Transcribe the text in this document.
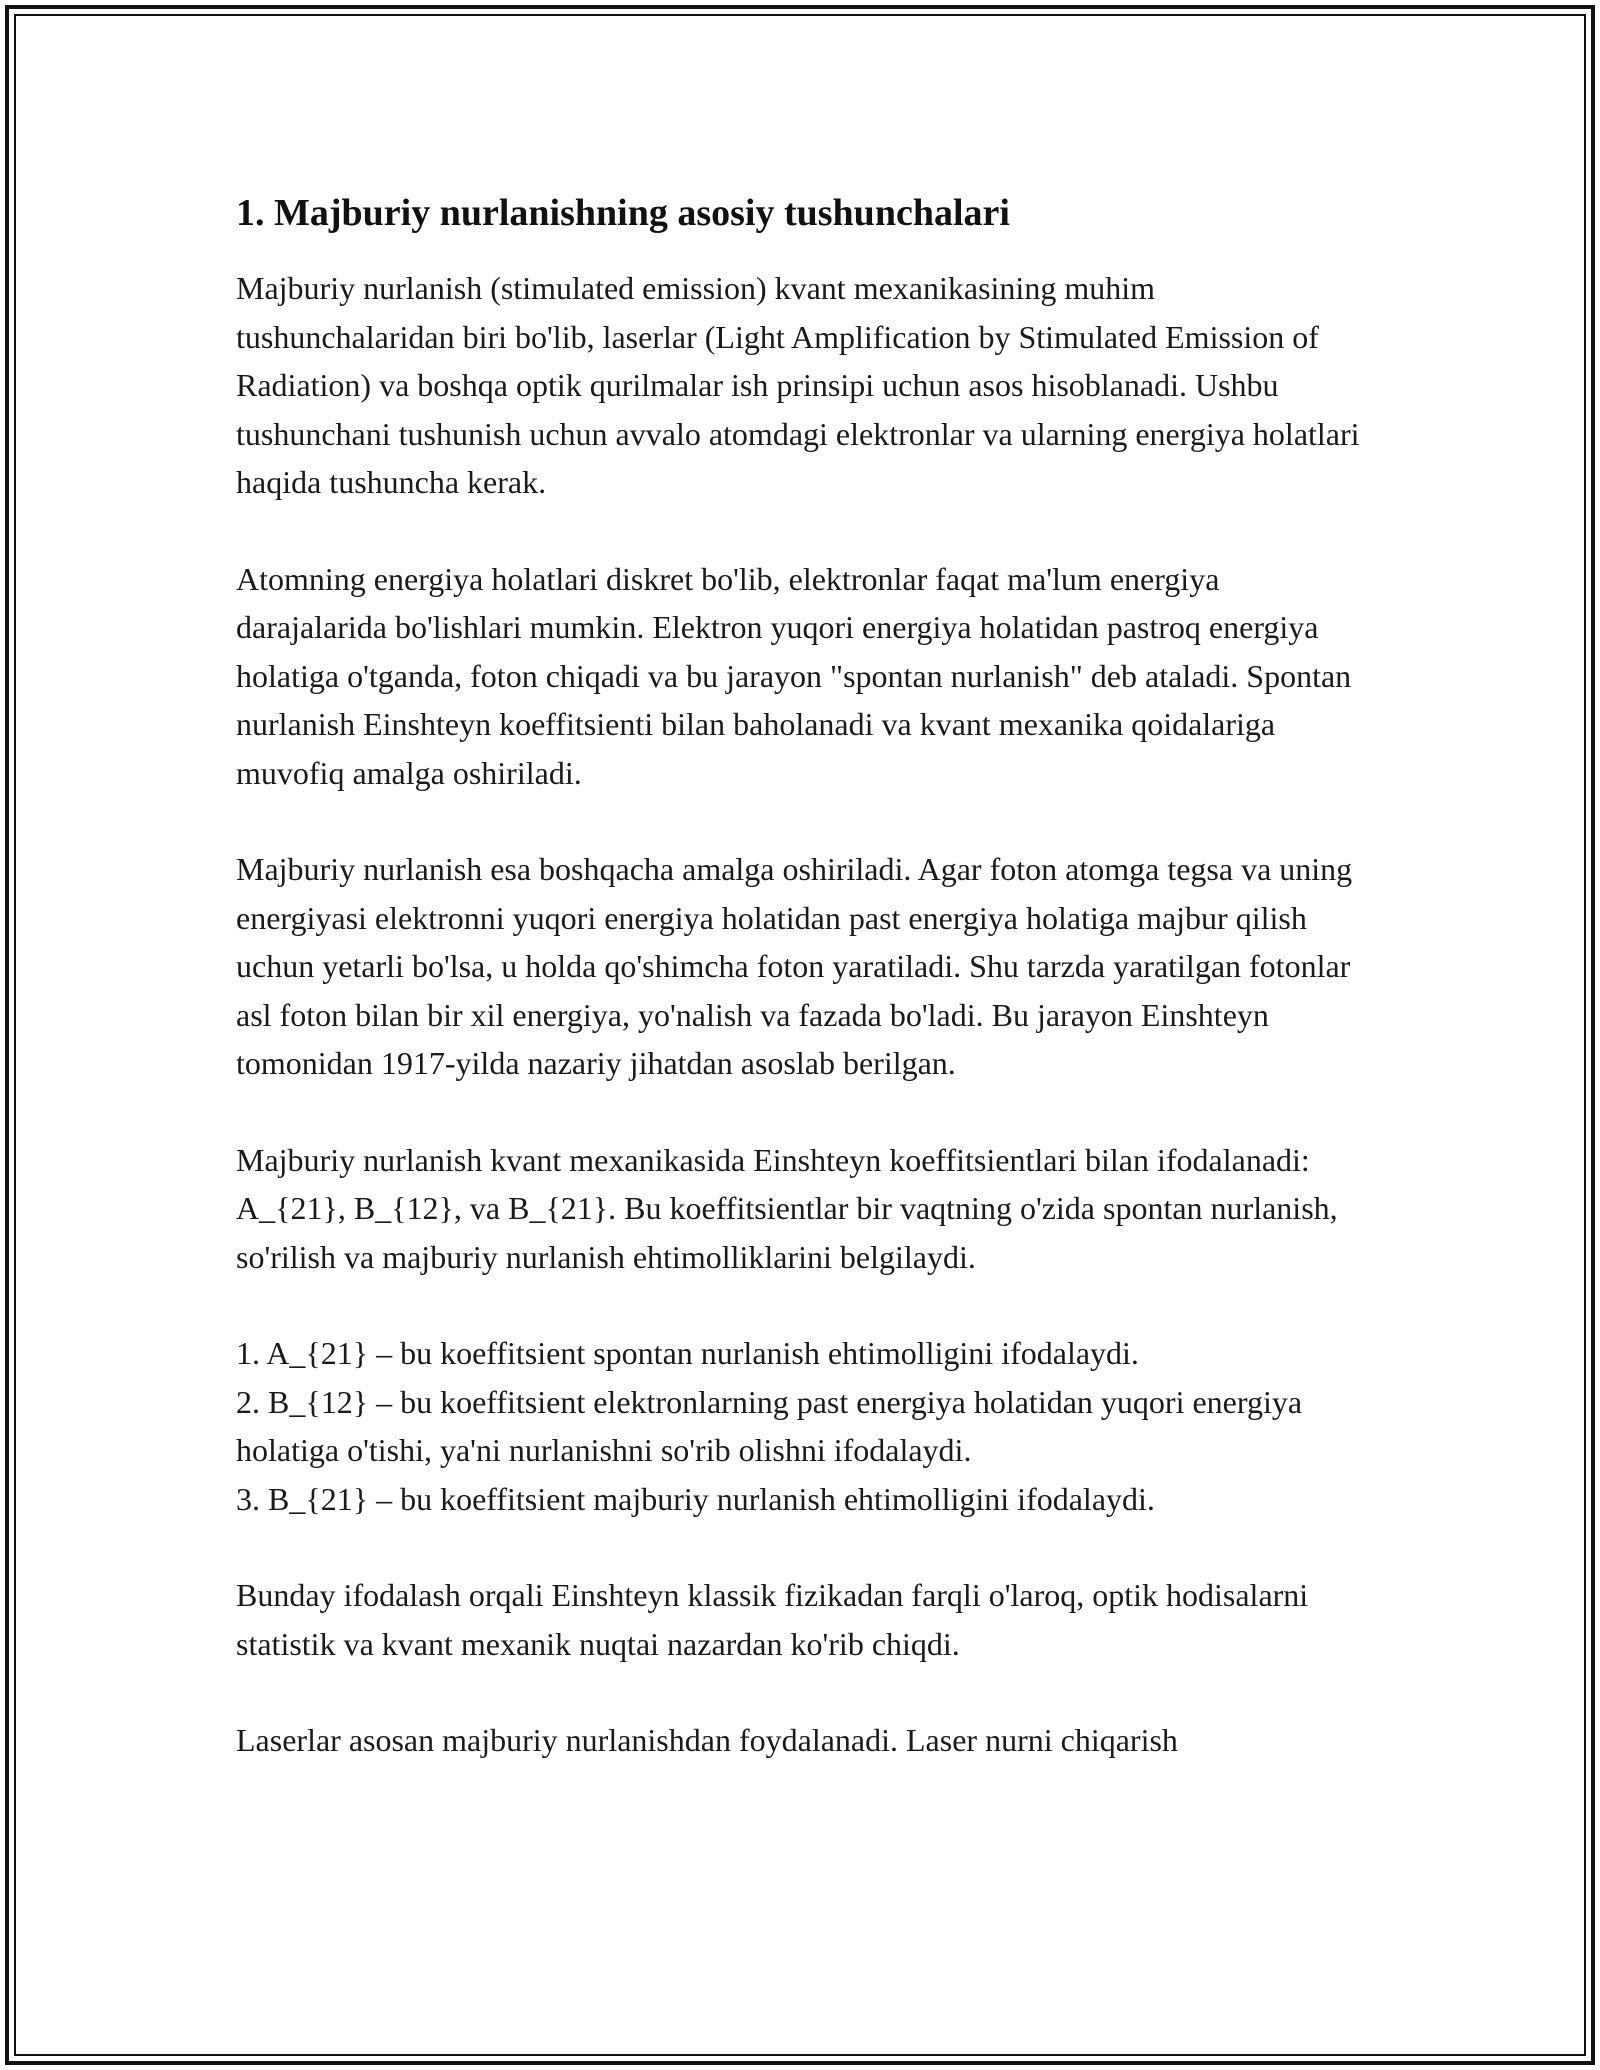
1. Majburiy nurlanishning asosiy tushunchalari

Majburiy nurlanish (stimulated emission) kvant mexanikasining muhim tushunchalaridan biri bo'lib, laserlar (Light Amplification by Stimulated Emission of Radiation) va boshqa optik qurilmalar ish prinsipi uchun asos hisoblanadi. Ushbu tushunchani tushunish uchun avvalo atomdagi elektronlar va ularning energiya holatlari haqida tushuncha kerak.

Atomning energiya holatlari diskret bo'lib, elektronlar faqat ma'lum energiya darajalarida bo'lishlari mumkin. Elektron yuqori energiya holatidan pastroq energiya holatiga o'tganda, foton chiqadi va bu jarayon "spontan nurlanish" deb ataladi. Spontan nurlanish Einshteyn koeffitsienti bilan baholanadi va kvant mexanika qoidalariga muvofiq amalga oshiriladi.

Majburiy nurlanish esa boshqacha amalga oshiriladi. Agar foton atomga tegsa va uning energiyasi elektronni yuqori energiya holatidan past energiya holatiga majbur qilish uchun yetarli bo'lsa, u holda qo'shimcha foton yaratiladi. Shu tarzda yaratilgan fotonlar asl foton bilan bir xil energiya, yo'nalish va fazada bo'ladi. Bu jarayon Einshteyn tomonidan 1917-yilda nazariy jihatdan asoslab berilgan.

Majburiy nurlanish kvant mexanikasida Einshteyn koeffitsientlari bilan ifodalanadi: A_{21}, B_{12}, va B_{21}. Bu koeffitsientlar bir vaqtning o'zida spontan nurlanish, so'rilish va majburiy nurlanish ehtimolliklarini belgilaydi.

1. A_{21} – bu koeffitsient spontan nurlanish ehtimolligini ifodalaydi.
2. B_{12} – bu koeffitsient elektronlarning past energiya holatidan yuqori energiya holatiga o'tishi, ya'ni nurlanishni so'rib olishni ifodalaydi.
3. B_{21} – bu koeffitsient majburiy nurlanish ehtimolligini ifodalaydi.

Bunday ifodalash orqali Einshteyn klassik fizikadan farqli o'laroq, optik hodisalarni statistik va kvant mexanik nuqtai nazardan ko'rib chiqdi.

Laserlar asosan majburiy nurlanishdan foydalanadi. Laser nurni chiqarish
